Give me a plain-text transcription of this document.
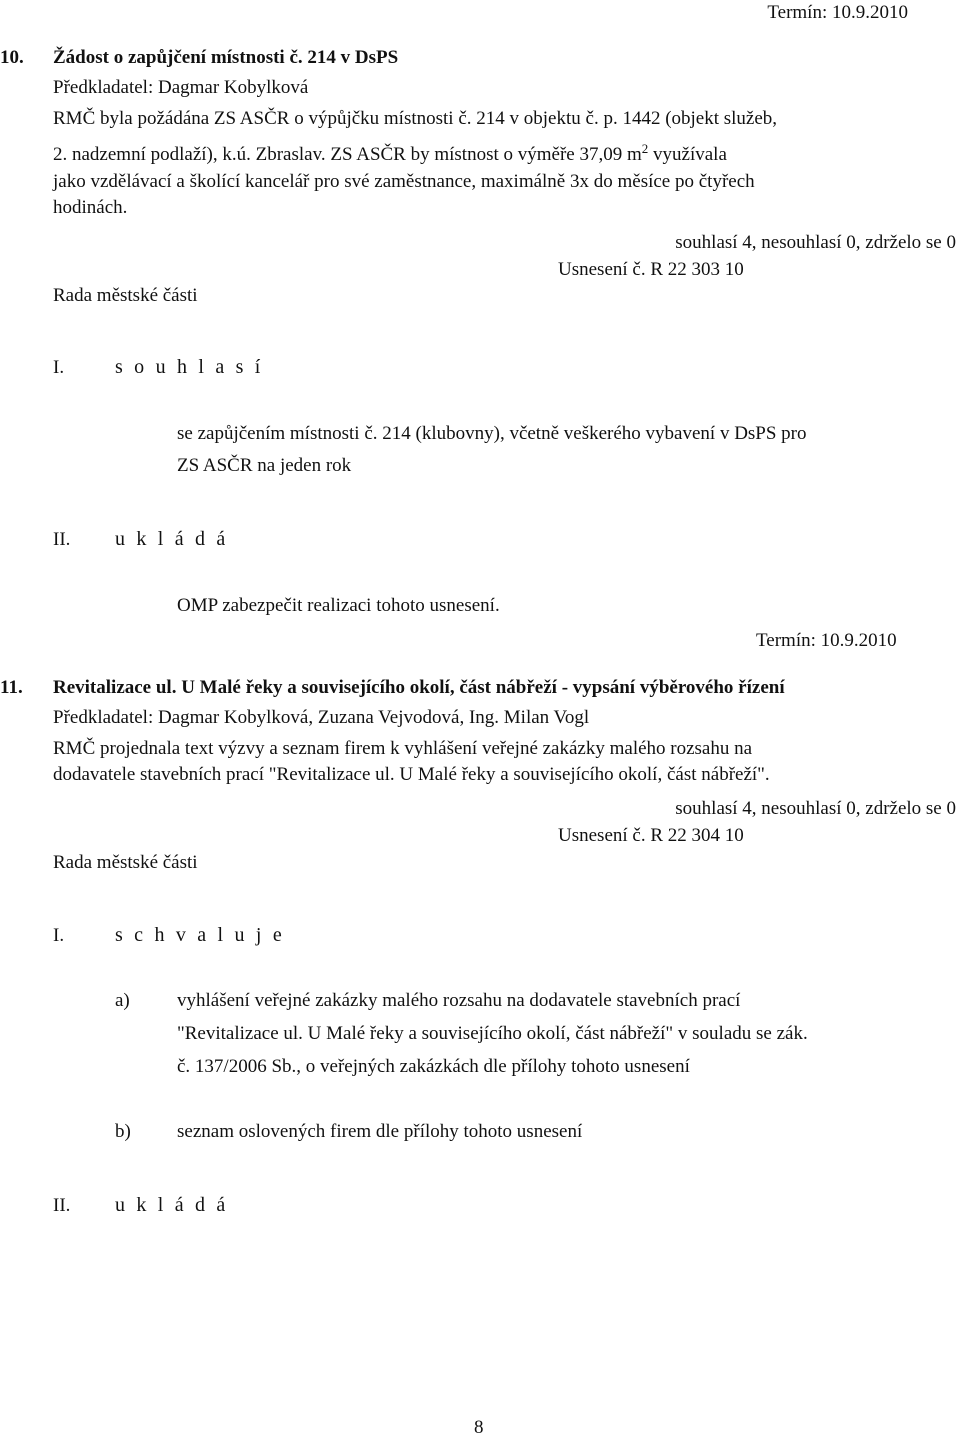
Termín: 10.9.2010
10. Žádost o zapůjčení místnosti č. 214 v DsPS
Předkladatel: Dagmar Kobylková
RMČ byla požádána ZS ASČR o výpůjčku místnosti č. 214 v objektu č. p. 1442 (objekt služeb,
2. nadzemní podlaží), k.ú. Zbraslav. ZS ASČR by místnost o výměře 37,09 $m^2$ využívala
jako vzdělávací a školící kancelář pro své zaměstnance, maximálně 3x do měsíce po čtyřech
hodinách.
souhlasí 4, nesouhlasí 0, zdrželo se 0
Usnesení č. R 22 303 10
Rada městské části
I.	s o u h l a s í
se zapůjčením místnosti č. 214 (klubovny), včetně veškerého vybavení v DsPS pro
ZS ASČR na jeden rok
II. u k l á d á
OMP zabezpečit realizaci tohoto usnesení.
Termín: 10.9.2010
11. Revitalizace ul. U Malé řeky a souvisejícího okolí, část nábřeží - vypsání výběrového řízení
Předkladatel: Dagmar Kobylková, Zuzana Vejvodová, Ing. Milan Vogl
RMČ projednala text výzvy a seznam firem k vyhlášení veřejné zakázky malého rozsahu na
dodavatele stavebních prací "Revitalizace ul. U Malé řeky a souvisejícího okolí, část nábřeží".
souhlasí 4, nesouhlasí 0, zdrželo se 0
Usnesení č. R 22 304 10
Rada městské části
I.	s c h v a l u j e
a) vyhlášení veřejné zakázky malého rozsahu na dodavatele stavebních prací
"Revitalizace ul. U Malé řeky a souvisejícího okolí, část nábřeží" v souladu se zák.
č. 137/2006 Sb., o veřejných zakázkách dle přílohy tohoto usnesení
b) seznam oslovených firem dle přílohy tohoto usnesení
II. u k l á d á
8
